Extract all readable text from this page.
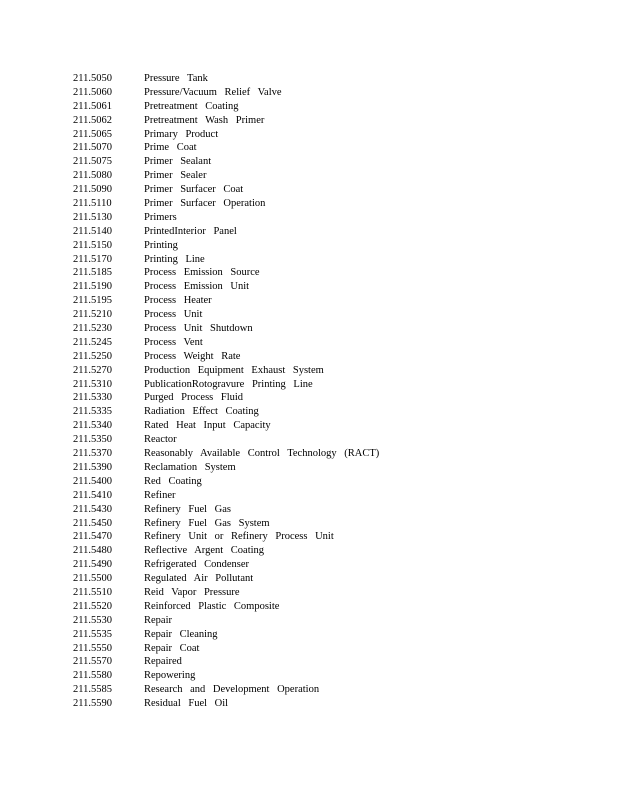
211.5050	Pressure Tank
211.5060	Pressure/Vacuum Relief Valve
211.5061	Pretreatment Coating
211.5062	Pretreatment Wash Primer
211.5065	Primary Product
211.5070	Prime Coat
211.5075	Primer Sealant
211.5080	Primer Sealer
211.5090	Primer Surfacer Coat
211.5110	Primer Surfacer Operation
211.5130	Primers
211.5140	PrintedInterior Panel
211.5150	Printing
211.5170	Printing Line
211.5185	Process Emission Source
211.5190	Process Emission Unit
211.5195	Process Heater
211.5210	Process Unit
211.5230	Process Unit Shutdown
211.5245	Process Vent
211.5250	Process Weight Rate
211.5270	Production Equipment Exhaust System
211.5310	PublicationRotogravure Printing Line
211.5330	Purged Process Fluid
211.5335	Radiation Effect Coating
211.5340	Rated Heat Input Capacity
211.5350	Reactor
211.5370	Reasonably Available Control Technology (RACT)
211.5390	Reclamation System
211.5400	Red Coating
211.5410	Refiner
211.5430	Refinery Fuel Gas
211.5450	Refinery Fuel Gas System
211.5470	Refinery Unit or Refinery Process Unit
211.5480	Reflective Argent Coating
211.5490	Refrigerated Condenser
211.5500	Regulated Air Pollutant
211.5510	Reid Vapor Pressure
211.5520	Reinforced Plastic Composite
211.5530	Repair
211.5535	Repair Cleaning
211.5550	Repair Coat
211.5570	Repaired
211.5580	Repowering
211.5585	Research and Development Operation
211.5590	Residual Fuel Oil
